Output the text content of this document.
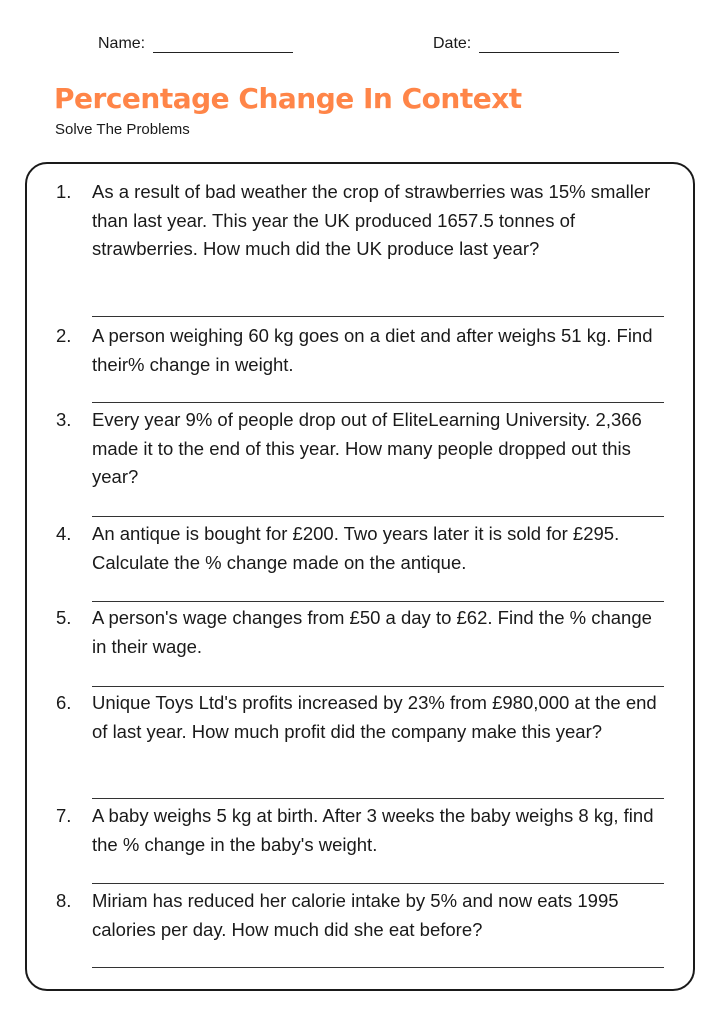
Name:	Date:
Percentage Change In Context
Solve The Problems
1.	As a result of bad weather the crop of strawberries was 15% smaller than last year. This year the UK produced 1657.5 tonnes of strawberries. How much did the UK produce last year?
2.	A person weighing 60 kg goes on a diet and after weighs 51 kg. Find their% change in weight.
3.	Every year 9% of people drop out of EliteLearning University. 2,366 made it to the end of this year. How many people dropped out this year?
4.	An antique is bought for £200. Two years later it is sold for £295. Calculate the % change made on the antique.
5.	A person's wage changes from £50 a day to £62. Find the % change in their wage.
6.	Unique Toys Ltd's profits increased by 23% from £980,000 at the end of last year. How much profit did the company make this year?
7.	A baby weighs 5 kg at birth. After 3 weeks the baby weighs 8 kg, find the % change in the baby's weight.
8.	Miriam has reduced her calorie intake by 5% and now eats 1995 calories per day. How much did she eat before?
